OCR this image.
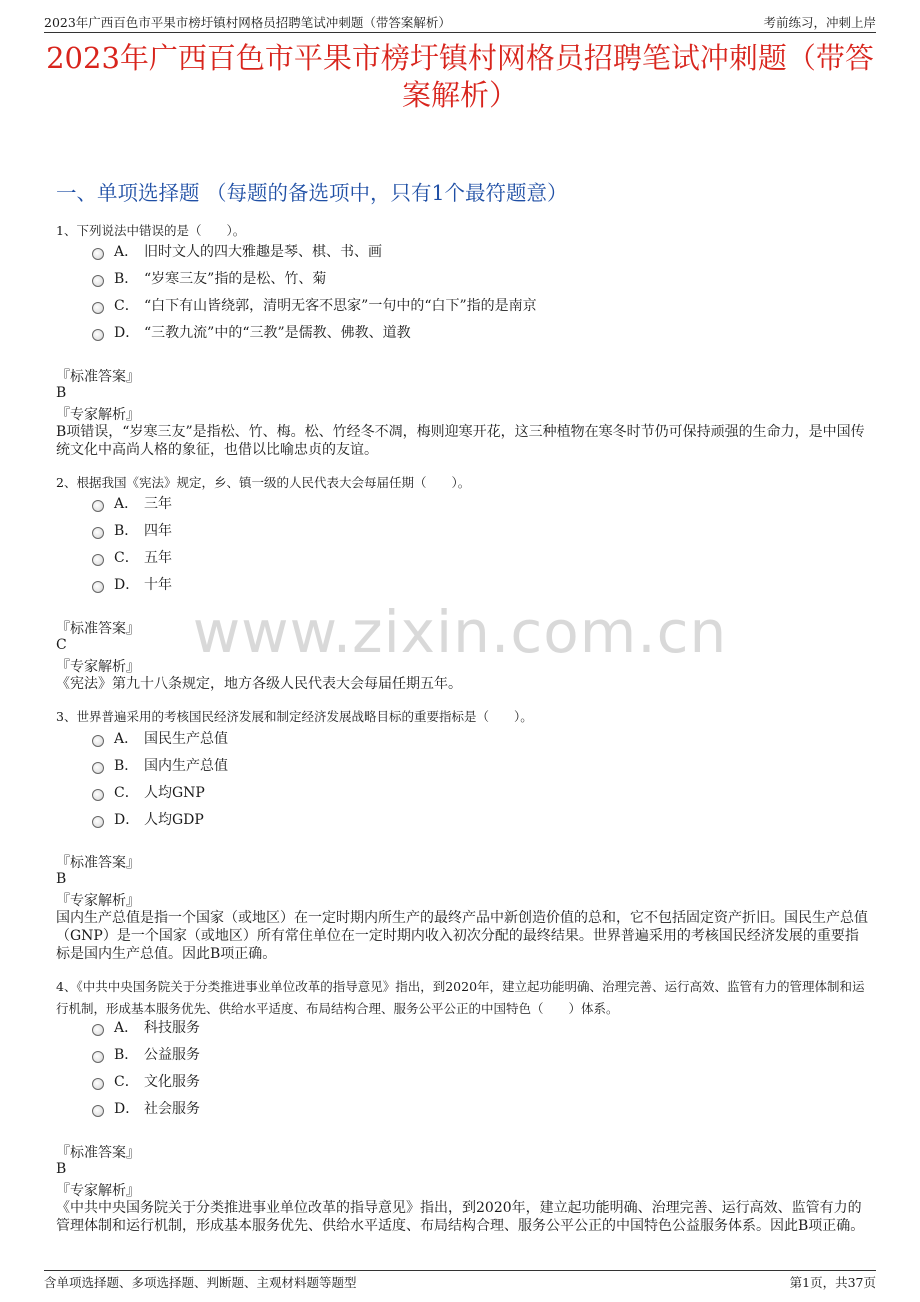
2023年广西百色市平果市榜圩镇村网格员招聘笔试冲刺题（带答案解析）	考前练习，冲刺上岸
2023年广西百色市平果市榜圩镇村网格员招聘笔试冲刺题（带答案解析）
一、单项选择题 （每题的备选项中，只有1个最符题意）
www.zixin.com.cn
1、下列说法中错误的是（　　）。
A． 旧时文人的四大雅趣是琴、棋、书、画
B． “岁寒三友”指的是松、竹、菊
C． “白下有山皆绕郭，清明无客不思家”一句中的“白下”指的是南京
D． “三教九流”中的“三教”是儒教、佛教、道教
『标准答案』
B
『专家解析』
B项错误，“岁寒三友”是指松、竹、梅。松、竹经冬不凋，梅则迎寒开花，这三种植物在寒冬时节仍可保持顽强的生命力，是中国传统文化中高尚人格的象征，也借以比喻忠贞的友谊。
2、根据我国《宪法》规定，乡、镇一级的人民代表大会每届任期（　　）。
A． 三年
B． 四年
C． 五年
D． 十年
『标准答案』
C
『专家解析』
《宪法》第九十八条规定，地方各级人民代表大会每届任期五年。
3、世界普遍采用的考核国民经济发展和制定经济发展战略目标的重要指标是（　　）。
A． 国民生产总值
B． 国内生产总值
C． 人均GNP
D． 人均GDP
『标准答案』
B
『专家解析』
国内生产总值是指一个国家（或地区）在一定时期内所生产的最终产品中新创造价值的总和，它不包括固定资产折旧。国民生产总值（GNP）是一个国家（或地区）所有常住单位在一定时期内收入初次分配的最终结果。世界普遍采用的考核国民经济发展的重要指标是国内生产总值。因此B项正确。
4、《中共中央国务院关于分类推进事业单位改革的指导意见》指出，到2020年，建立起功能明确、治理完善、运行高效、监管有力的管理体制和运行机制，形成基本服务优先、供给水平适度、布局结构合理、服务公平公正的中国特色（　　）体系。
A． 科技服务
B． 公益服务
C． 文化服务
D． 社会服务
『标准答案』
B
『专家解析』
《中共中央国务院关于分类推进事业单位改革的指导意见》指出，到2020年，建立起功能明确、治理完善、运行高效、监管有力的管理体制和运行机制，形成基本服务优先、供给水平适度、布局结构合理、服务公平公正的中国特色公益服务体系。因此B项正确。
含单项选择题、多项选择题、判断题、主观材料题等题型	第1页，共37页
